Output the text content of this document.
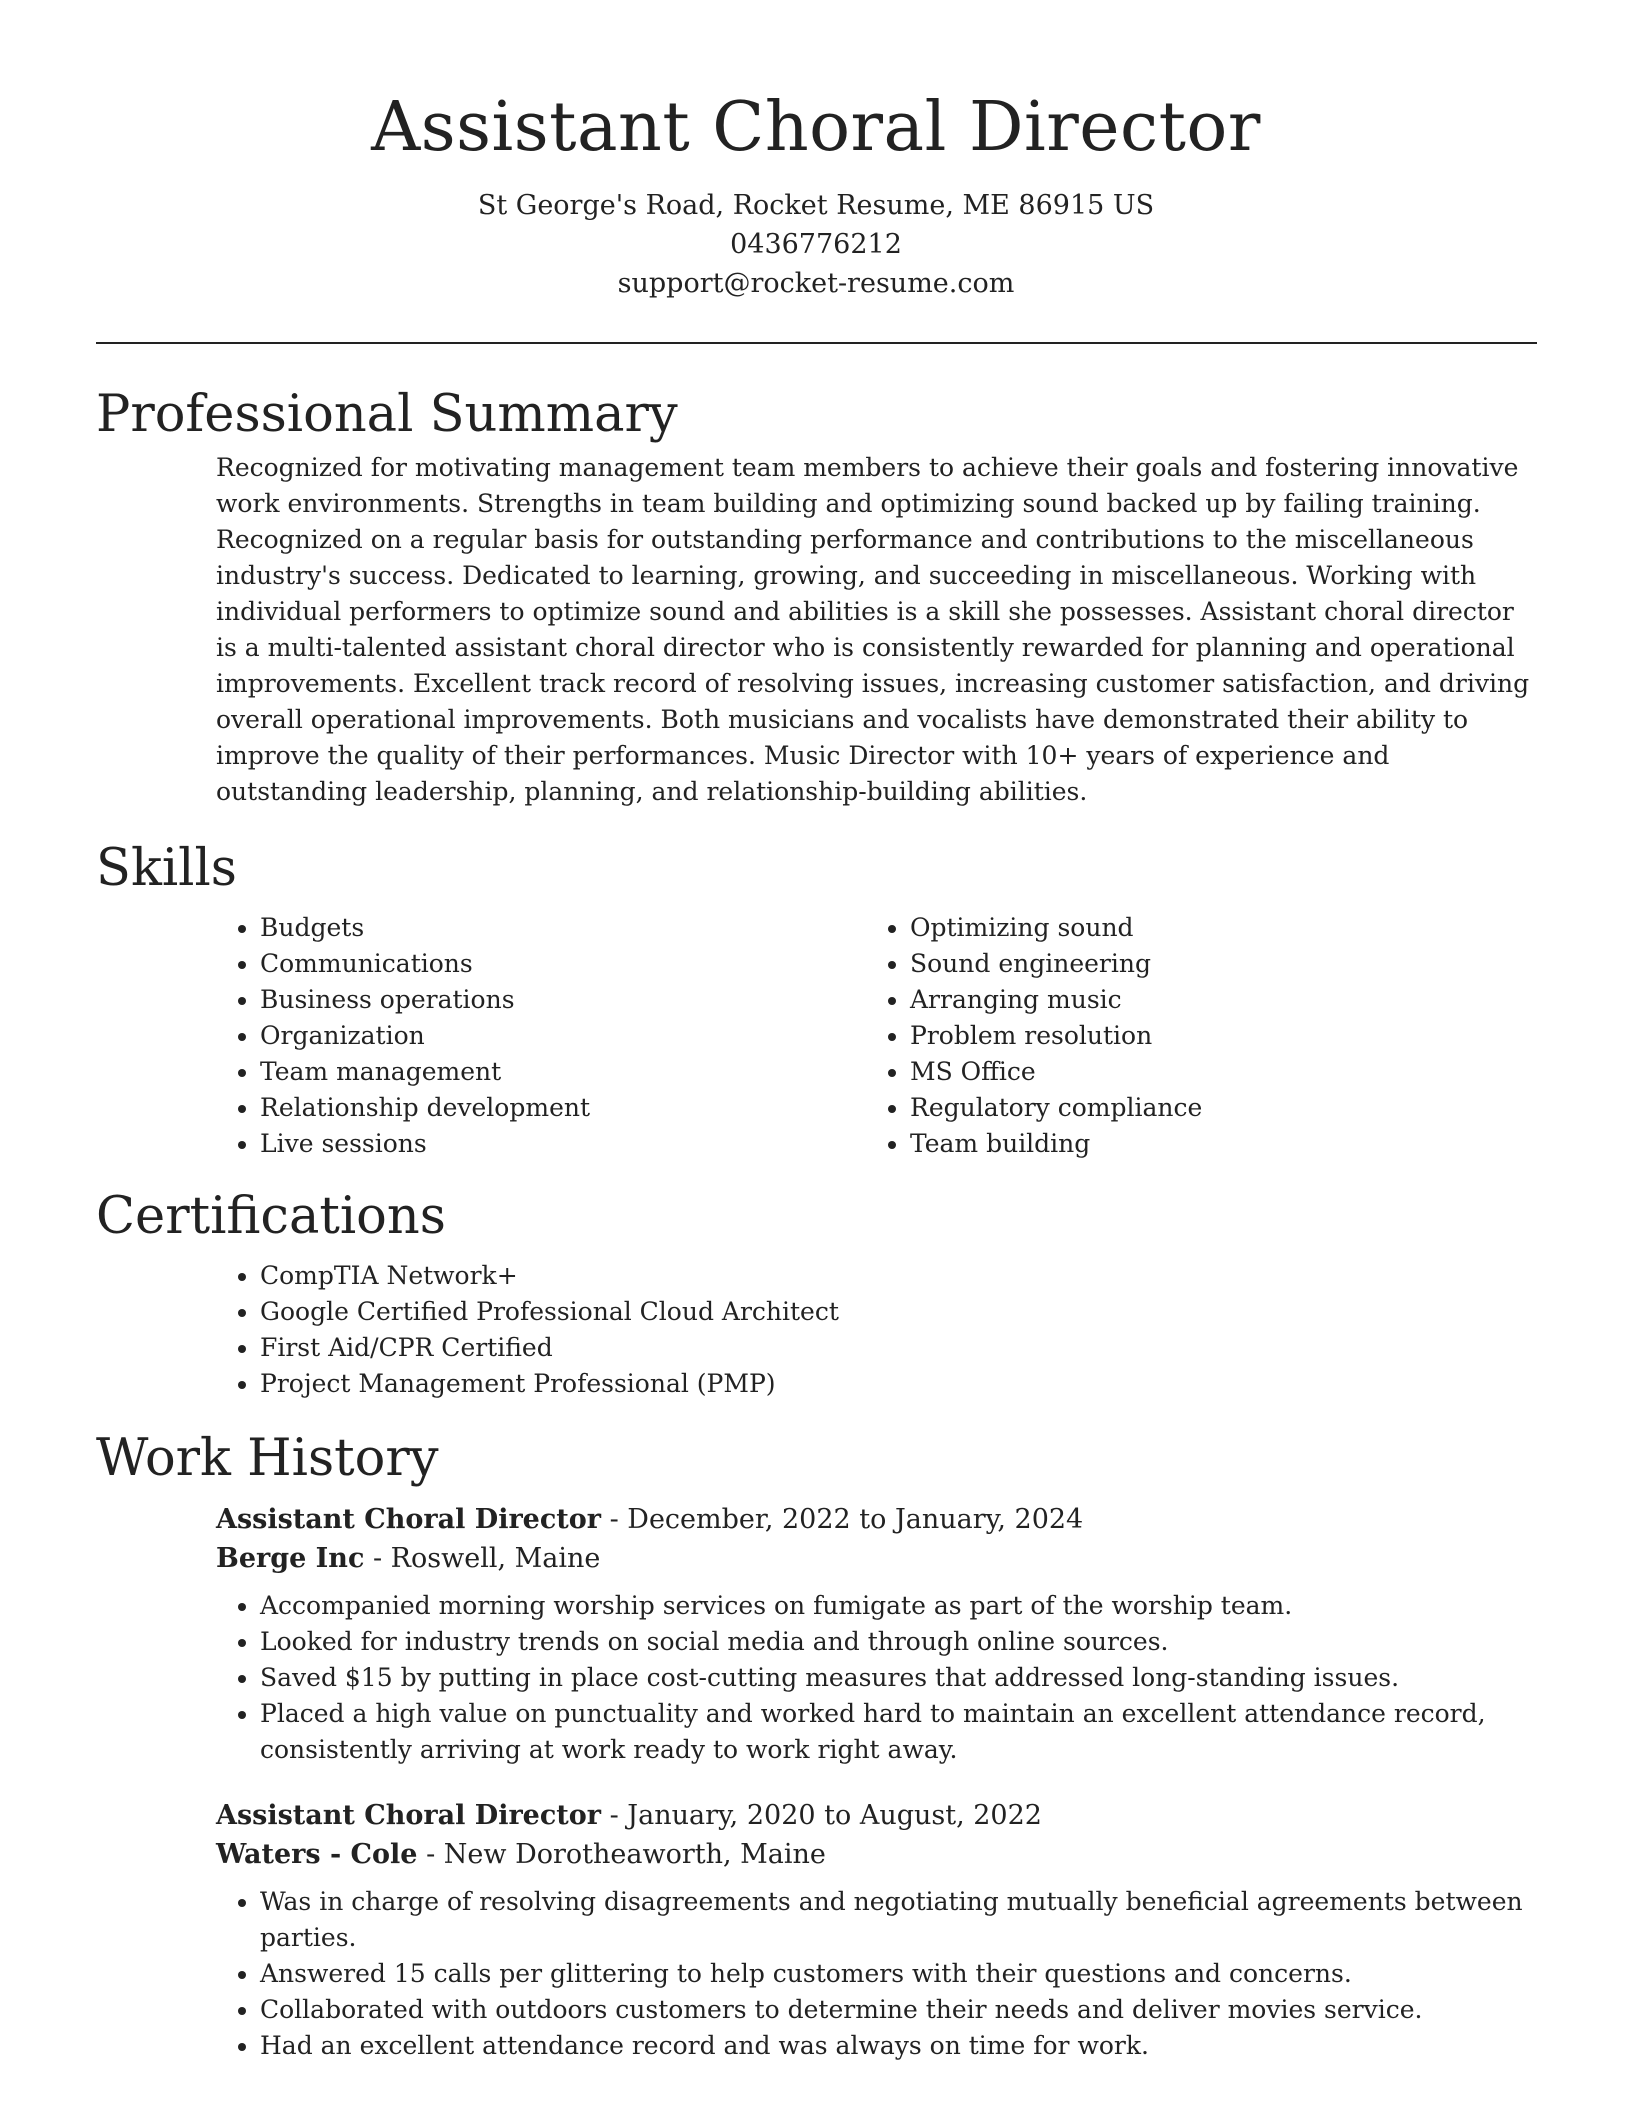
Assistant Choral Director
St George's Road, Rocket Resume, ME 86915 US
0436776212
support@rocket-resume.com
Professional Summary

Recognized for motivating management team members to achieve their goals and fostering innovative work environments. Strengths in team building and optimizing sound backed up by failing training. Recognized on a regular basis for outstanding performance and contributions to the miscellaneous industry's success. Dedicated to learning, growing, and succeeding in miscellaneous. Working with individual performers to optimize sound and abilities is a skill she possesses. Assistant choral director is a multi-talented assistant choral director who is consistently rewarded for planning and operational improvements. Excellent track record of resolving issues, increasing customer satisfaction, and driving overall operational improvements. Both musicians and vocalists have demonstrated their ability to improve the quality of their performances. Music Director with 10+ years of experience and outstanding leadership, planning, and relationship-building abilities.

Skills
• Budgets
• Communications
• Business operations
• Organization
• Team management
• Relationship development
• Live sessions
• Optimizing sound
• Sound engineering
• Arranging music
• Problem resolution
• MS Office
• Regulatory compliance
• Team building
Certifications
• CompTIA Network+
• Google Certified Professional Cloud Architect
• First Aid/CPR Certified
• Project Management Professional (PMP)
Work History
Assistant Choral Director - December, 2022 to January, 2024
Berge Inc - Roswell, Maine
• Accompanied morning worship services on fumigate as part of the worship team.
• Looked for industry trends on social media and through online sources.
• Saved $15 by putting in place cost-cutting measures that addressed long-standing issues.
• Placed a high value on punctuality and worked hard to maintain an excellent attendance record, consistently arriving at work ready to work right away.
Assistant Choral Director - January, 2020 to August, 2022
Waters - Cole - New Dorotheaworth, Maine
• Was in charge of resolving disagreements and negotiating mutually beneficial agreements between parties.
• Answered 15 calls per glittering to help customers with their questions and concerns.
• Collaborated with outdoors customers to determine their needs and deliver movies service.
• Had an excellent attendance record and was always on time for work.
